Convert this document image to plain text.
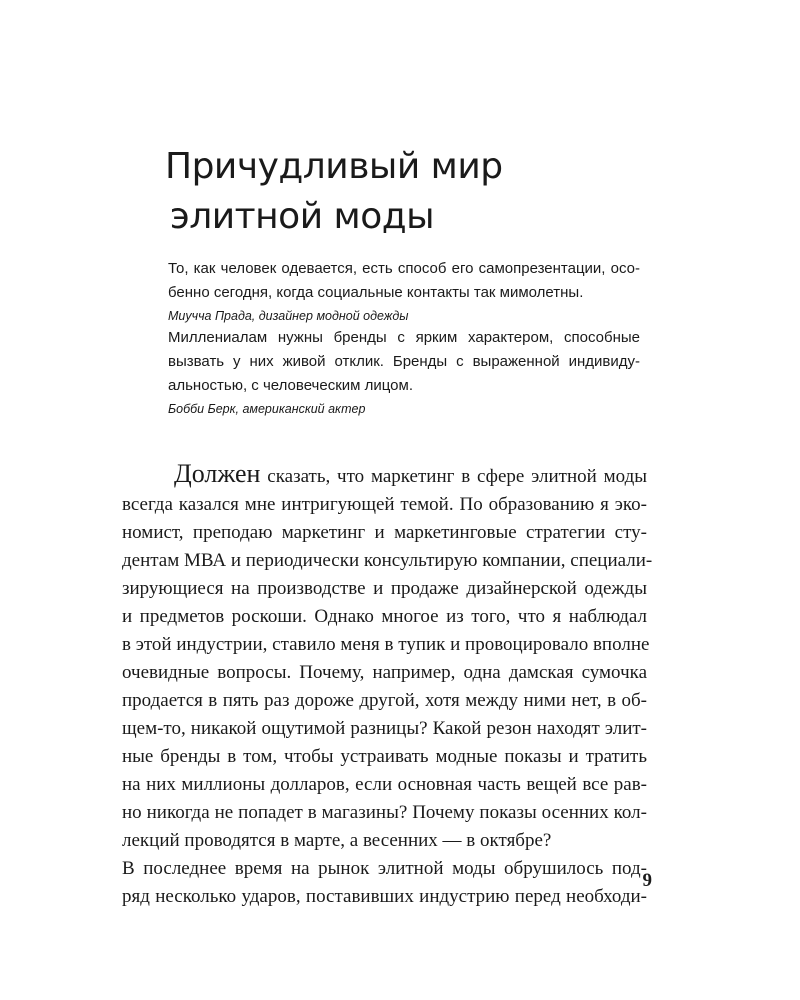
Причудливый мир
элитной моды
То, как человек одевается, есть способ его самопрезентации, осо-
бенно сегодня, когда социальные контакты так мимолетны.
Миучча Прада, дизайнер модной одежды
Миллениалам нужны бренды с ярким характером, способные
вызвать у них живой отклик. Бренды с выраженной индивиду-
альностью, с человеческим лицом.
Бобби Берк, американский актер
Должен сказать, что маркетинг в сфере элитной моды
всегда казался мне интригующей темой. По образованию я эко-
номист, преподаю маркетинг и маркетинговые стратегии сту-
дентам МВА и периодически консультирую компании, специали-
зирующиеся на производстве и продаже дизайнерской одежды
и предметов роскоши. Однако многое из того, что я наблюдал
в этой индустрии, ставило меня в тупик и провоцировало вполне
очевидные вопросы. Почему, например, одна дамская сумочка
продается в пять раз дороже другой, хотя между ними нет, в об-
щем-то, никакой ощутимой разницы? Какой резон находят элит-
ные бренды в том, чтобы устраивать модные показы и тратить
на них миллионы долларов, если основная часть вещей все рав-
но никогда не попадет в магазины? Почему показы осенних кол-
лекций проводятся в марте, а весенних — в октябре?
В последнее время на рынок элитной моды обрушилось под-
ряд несколько ударов, поставивших индустрию перед необходи-
9
